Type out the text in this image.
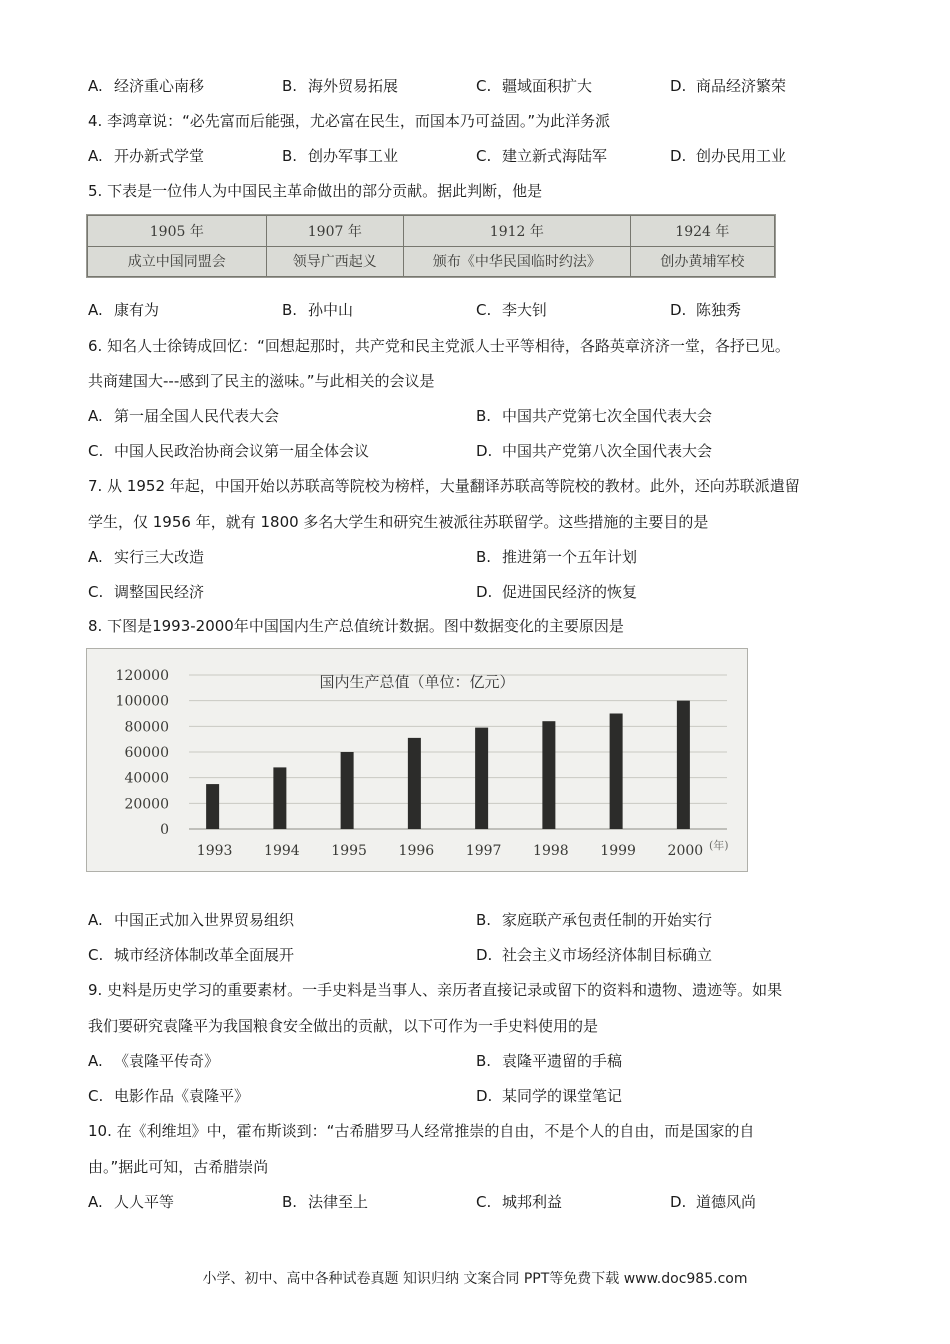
A. 经济重心南移	B. 海外贸易拓展	C. 疆域面积扩大	D. 商品经济繁荣
4. 李鸿章说：“必先富而后能强，尤必富在民生，而国本乃可益固。”为此洋务派
A. 开办新式学堂	B. 创办军事工业	C. 建立新式海陆军	D. 创办民用工业
5. 下表是一位伟人为中国民主革命做出的部分贡献。据此判断，他是
1905 年	1907 年	1912 年	1924 年
成立中国同盟会	领导广西起义	颁布《中华民国临时约法》	创办黄埔军校
A. 康有为	B. 孙中山	C. 李大钊	D. 陈独秀
6. 知名人士徐铸成回忆：“回想起那时，共产党和民主党派人士平等相待，各路英章济济一堂，各抒已见。
共商建国大---感到了民主的滋味。”与此相关的会议是
A. 第一届全国人民代表大会	B. 中国共产党第七次全国代表大会
C. 中国人民政治协商会议第一届全体会议	D. 中国共产党第八次全国代表大会
7. 从 1952 年起，中国开始以苏联高等院校为榜样，大量翻译苏联高等院校的教材。此外，还向苏联派遣留
学生，仅 1956 年，就有 1800 多名大学生和研究生被派往苏联留学。这些措施的主要目的是
A. 实行三大改造	B. 推进第一个五年计划
C. 调整国民经济	D. 促进国民经济的恢复
8. 下图是1993-2000年中国国内生产总值统计数据。图中数据变化的主要原因是
120000
100000
80000
60000
40000
20000
0
国内生产总值（单位：亿元）
1993 1994 1995 1996 1997 1998 1999 2000 (年)
A. 中国正式加入世界贸易组织	B. 家庭联产承包责任制的开始实行
C. 城市经济体制改革全面展开	D. 社会主义市场经济体制目标确立
9. 史料是历史学习的重要素材。一手史料是当事人、亲历者直接记录或留下的资料和遗物、遗迹等。如果
我们要研究袁隆平为我国粮食安全做出的贡献，以下可作为一手史料使用的是
A. 《袁隆平传奇》	B. 袁隆平遗留的手稿
C. 电影作品《袁隆平》	D. 某同学的课堂笔记
10. 在《利维坦》中，霍布斯谈到：“古希腊罗马人经常推崇的自由，不是个人的自由，而是国家的自
由。”据此可知，古希腊崇尚
A. 人人平等	B. 法律至上	C. 城邦利益	D. 道德风尚
小学、初中、高中各种试卷真题 知识归纳 文案合同 PPT等免费下载 www.doc985.com
